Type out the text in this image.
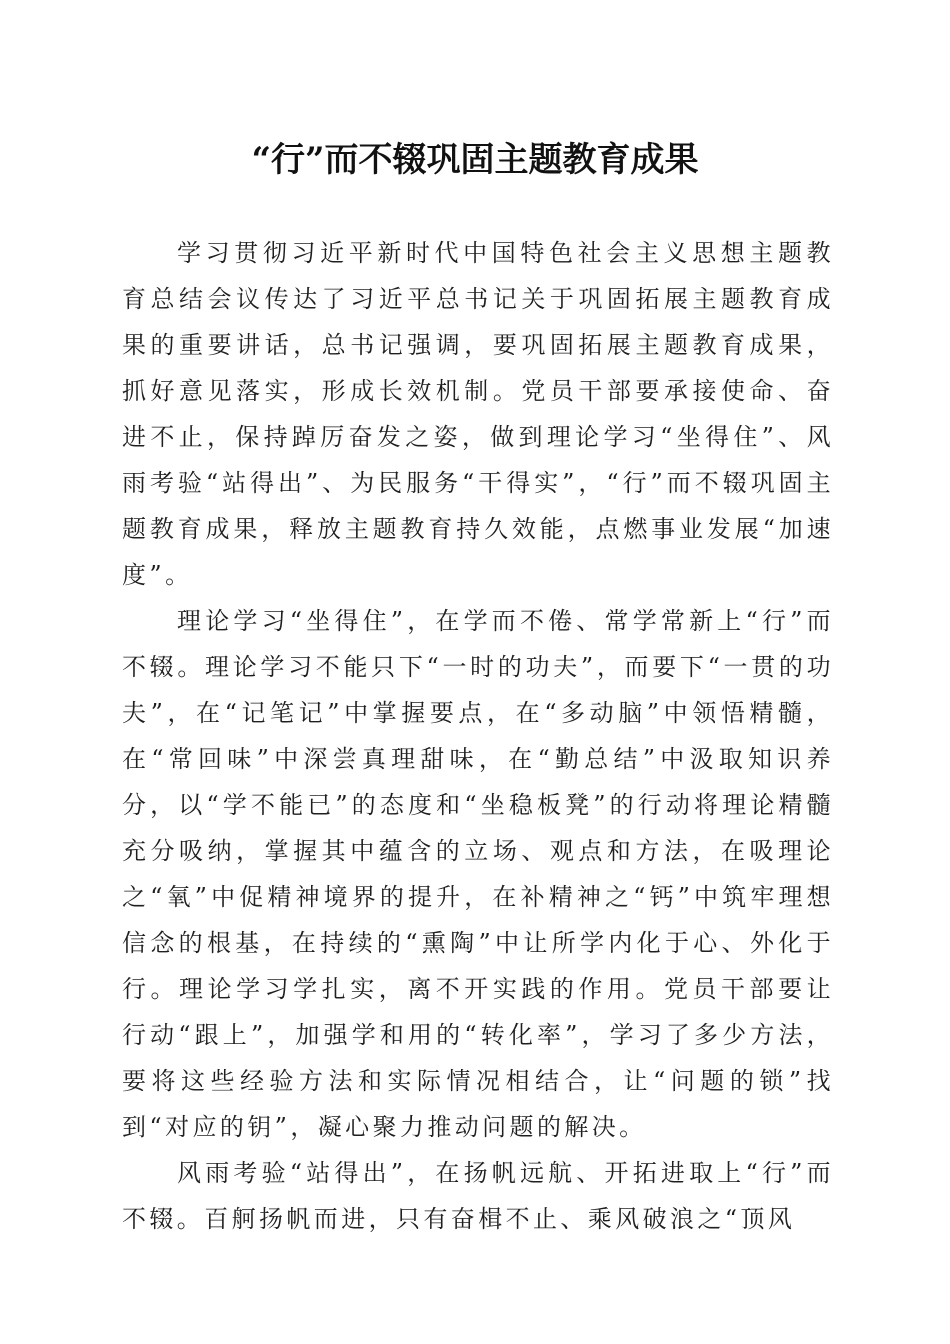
“行”而不辍巩固主题教育成果

学习贯彻习近平新时代中国特色社会主义思想主题教育总结会议传达了习近平总书记关于巩固拓展主题教育成果的重要讲话，总书记强调，要巩固拓展主题教育成果，抓好意见落实，形成长效机制。党员干部要承接使命、奋进不止，保持踔厉奋发之姿，做到理论学习“坐得住”、风雨考验“站得出”、为民服务“干得实”，“行”而不辍巩固主题教育成果，释放主题教育持久效能，点燃事业发展“加速度”。

理论学习“坐得住”，在学而不倦、常学常新上“行”而不辍。理论学习不能只下“一时的功夫”，而要下“一贯的功夫”，在“记笔记”中掌握要点，在“多动脑”中领悟精髓，在“常回味”中深尝真理甜味，在“勤总结”中汲取知识养分，以“学不能已”的态度和“坐稳板凳”的行动将理论精髓充分吸纳，掌握其中蕴含的立场、观点和方法，在吸理论之“氧”中促精神境界的提升，在补精神之“钙”中筑牢理想信念的根基，在持续的“熏陶”中让所学内化于心、外化于行。理论学习学扎实，离不开实践的作用。党员干部要让行动“跟上”，加强学和用的“转化率”，学习了多少方法，要将这些经验方法和实际情况相结合，让“问题的锁”找到“对应的钥”，凝心聚力推动问题的解决。

风雨考验“站得出”，在扬帆远航、开拓进取上“行”而不辍。百舸扬帆而进，只有奋楫不止、乘风破浪之“顶风
